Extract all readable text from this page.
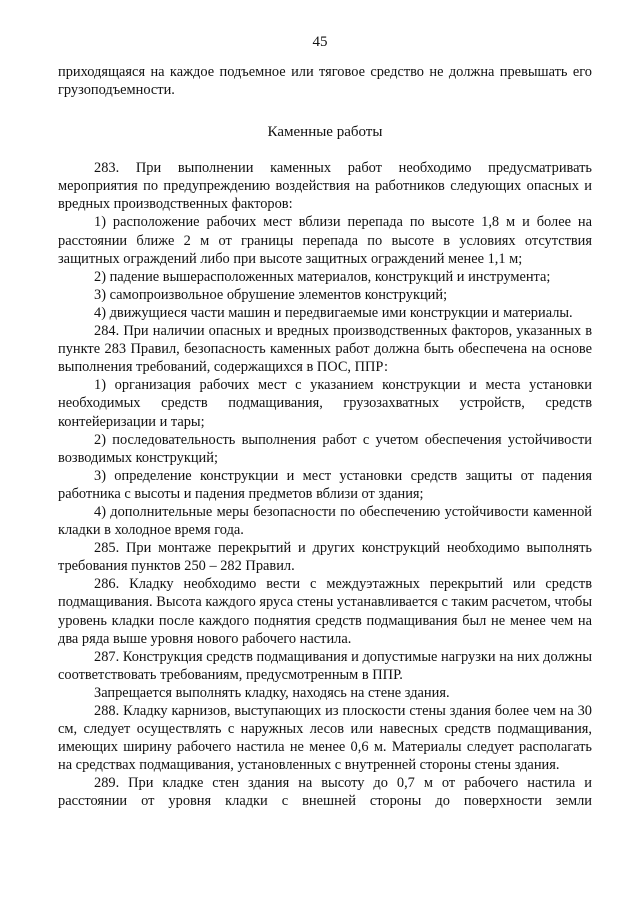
45

приходящаяся на каждое подъемное или тяговое средство не должна превышать его грузоподъемности.

Каменные работы

283. При выполнении каменных работ необходимо предусматривать мероприятия по предупреждению воздействия на работников следующих опасных и вредных производственных факторов:

1) расположение рабочих мест вблизи перепада по высоте 1,8 м и более на расстоянии ближе 2 м от границы перепада по высоте в условиях отсутствия защитных ограждений либо при высоте защитных ограждений менее 1,1 м;

2) падение вышерасположенных материалов, конструкций и инструмента;

3) самопроизвольное обрушение элементов конструкций;

4) движущиеся части машин и передвигаемые ими конструкции и материалы.

284. При наличии опасных и вредных производственных факторов, указанных в пункте 283 Правил, безопасность каменных работ должна быть обеспечена на основе выполнения требований, содержащихся в ПОС, ППР:

1) организация рабочих мест с указанием конструкции и места установки необходимых средств подмащивания, грузозахватных устройств, средств контейеризации и тары;

2) последовательность выполнения работ с учетом обеспечения устойчивости возводимых конструкций;

3) определение конструкции и мест установки средств защиты от падения работника с высоты и падения предметов вблизи от здания;

4) дополнительные меры безопасности по обеспечению устойчивости каменной кладки в холодное время года.

285. При монтаже перекрытий и других конструкций необходимо выполнять требования пунктов 250 – 282 Правил.

286. Кладку необходимо вести с междуэтажных перекрытий или средств подмащивания. Высота каждого яруса стены устанавливается с таким расчетом, чтобы уровень кладки после каждого поднятия средств подмащивания был не менее чем на два ряда выше уровня нового рабочего настила.

287. Конструкция средств подмащивания и допустимые нагрузки на них должны соответствовать требованиям, предусмотренным в ППР.

Запрещается выполнять кладку, находясь на стене здания.

288. Кладку карнизов, выступающих из плоскости стены здания более чем на 30 см, следует осуществлять с наружных лесов или навесных средств подмащивания, имеющих ширину рабочего настила не менее 0,6 м. Материалы следует располагать на средствах подмащивания, установленных с внутренней стороны стены здания.

289. При кладке стен здания на высоту до 0,7 м от рабочего настила и расстоянии от уровня кладки с внешней стороны до поверхности земли
